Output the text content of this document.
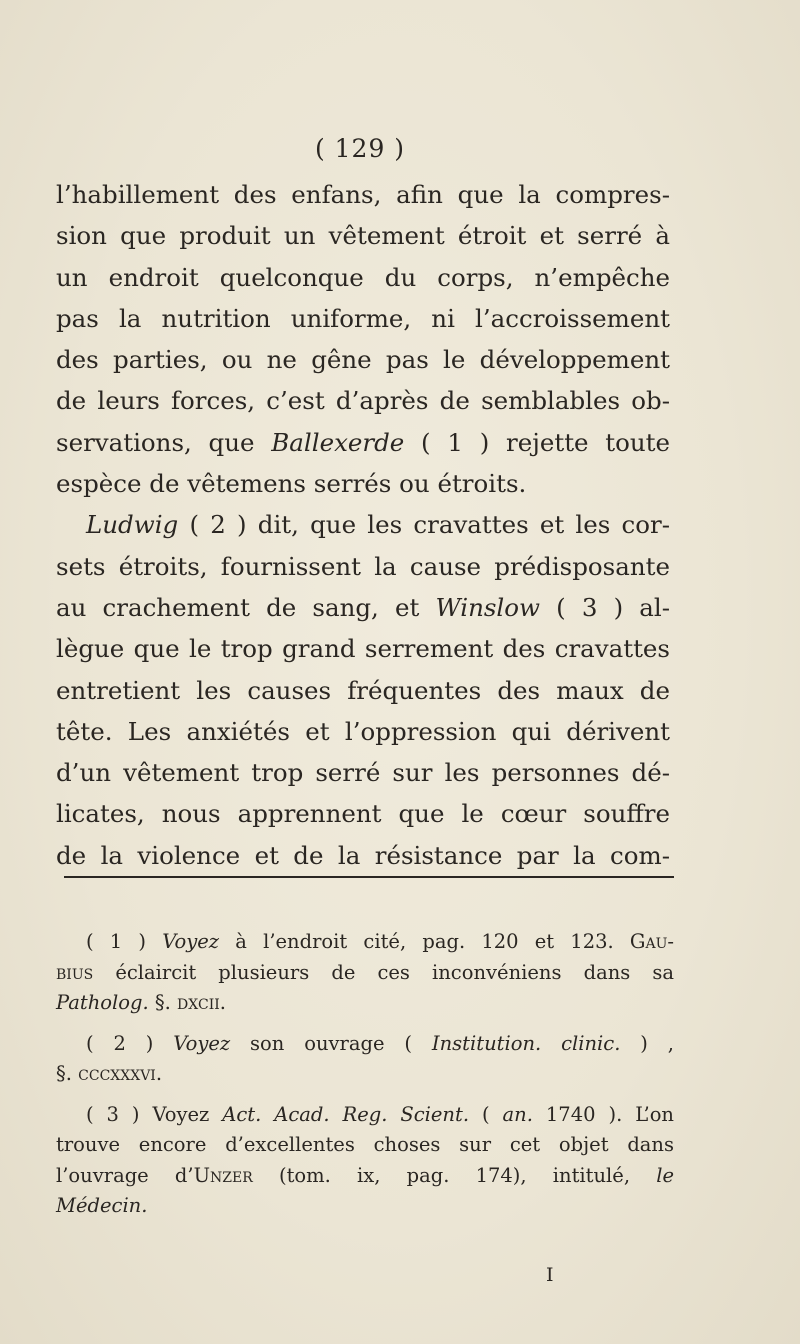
( 129 )
l’habillement des enfans, afin que la compres-
sion que produit un vêtement étroit et serré à
un endroit quelconque du corps, n’empêche
pas la nutrition uniforme, ni l’accroissement
des parties, ou ne gêne pas le développement
de leurs forces, c’est d’après de semblables ob-
servations, que Ballexerde ( 1 ) rejette toute
espèce de vêtemens serrés ou étroits.
Ludwig ( 2 ) dit, que les cravattes et les cor-
sets étroits, fournissent la cause prédisposante
au crachement de sang, et Winslow ( 3 ) al-
lègue que le trop grand serrement des cravattes
entretient les causes fréquentes des maux de
tête. Les anxiétés et l’oppression qui dérivent
d’un vêtement trop serré sur les personnes dé-
licates, nous apprennent que le cœur souffre
de la violence et de la résistance par la com-
( 1 ) Voyez à l’endroit cité, pag. 120 et 123. Gau-
bius éclaircit plusieurs de ces inconvéniens dans sa
Patholog. §. dxcii.
( 2 ) Voyez son ouvrage ( Institution. clinic. ) ,
§. cccxxxvi.
( 3 ) Voyez Act. Acad. Reg. Scient. ( an. 1740 ). L’on
trouve encore d’excellentes choses sur cet objet dans
l’ouvrage d’Unzer (tom. ix, pag. 174), intitulé, le
Médecin.
I
